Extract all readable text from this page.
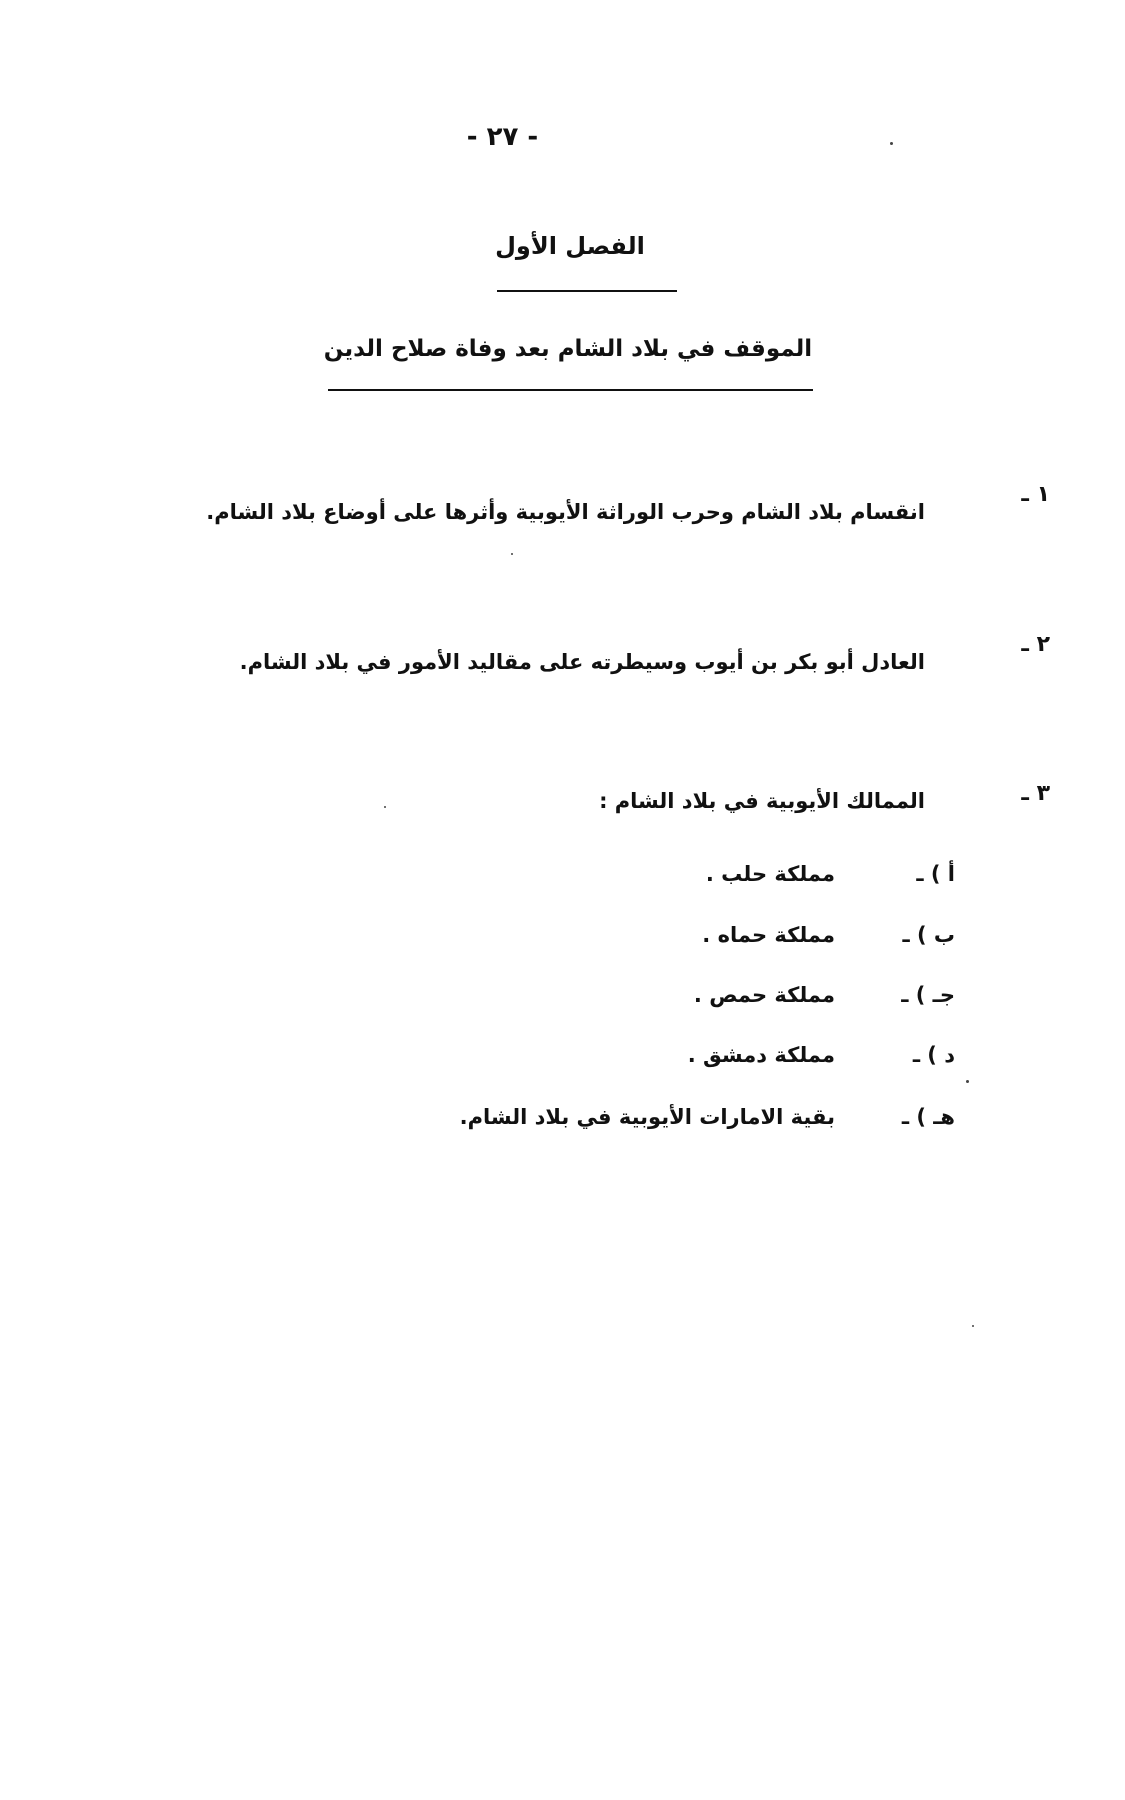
- ٢٧ -
الفصل الأول
الموقف في بلاد الشام بعد وفاة صلاح الدين
١ ـ
انقسام بلاد الشام وحرب الوراثة الأيوبية وأثرها على أوضاع بلاد الشام.
٢ ـ
العادل أبو بكر بن أيوب وسيطرته على مقاليد الأمور في بلاد الشام.
٣ ـ
الممالك الأيوبية في بلاد الشام :
أ ) ـ
مملكة حلب .
ب ) ـ
مملكة حماه .
جـ ) ـ
مملكة حمص .
د ) ـ
مملكة دمشق .
هـ ) ـ
بقية الامارات الأيوبية في بلاد الشام.
